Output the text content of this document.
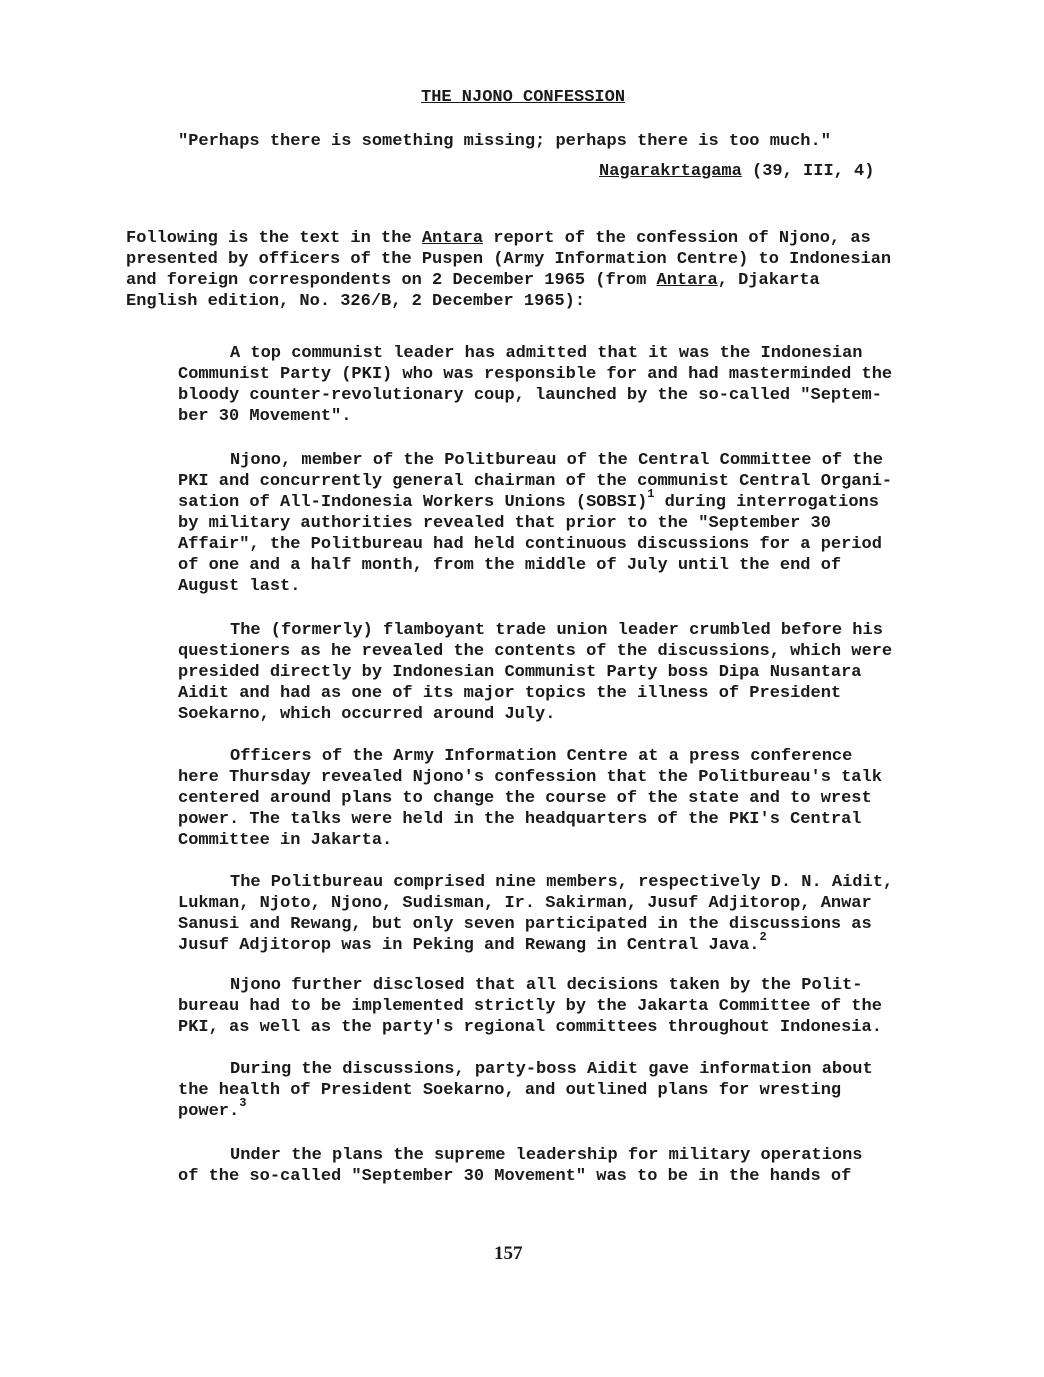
THE NJONO CONFESSION
"Perhaps there is something missing; perhaps there is too much."
Nagarakrtagama (39, III, 4)
Following is the text in the Antara report of the confession of Njono, as
presented by officers of the Puspen (Army Information Centre) to Indonesian
and foreign correspondents on 2 December 1965 (from Antara, Djakarta
English edition, No. 326/B, 2 December 1965):
A top communist leader has admitted that it was the Indonesian
Communist Party (PKI) who was responsible for and had masterminded the
bloody counter-revolutionary coup, launched by the so-called "Septem-
ber 30 Movement".
Njono, member of the Politbureau of the Central Committee of the
PKI and concurrently general chairman of the communist Central Organi-
sation of All-Indonesia Workers Unions (SOBSI)$^1$ during interrogations
by military authorities revealed that prior to the "September 30
Affair", the Politbureau had held continuous discussions for a period
of one and a half month, from the middle of July until the end of
August last.
The (formerly) flamboyant trade union leader crumbled before his
questioners as he revealed the contents of the discussions, which were
presided directly by Indonesian Communist Party boss Dipa Nusantara
Aidit and had as one of its major topics the illness of President
Soekarno, which occurred around July.
Officers of the Army Information Centre at a press conference
here Thursday revealed Njono's confession that the Politbureau's talk
centered around plans to change the course of the state and to wrest
power. The talks were held in the headquarters of the PKI's Central
Committee in Jakarta.
The Politbureau comprised nine members, respectively D. N. Aidit,
Lukman, Njoto, Njono, Sudisman, Ir. Sakirman, Jusuf Adjitorop, Anwar
Sanusi and Rewang, but only seven participated in the discussions as
Jusuf Adjitorop was in Peking and Rewang in Central Java.$^2$
Njono further disclosed that all decisions taken by the Polit-
bureau had to be implemented strictly by the Jakarta Committee of the
PKI, as well as the party's regional committees throughout Indonesia.
During the discussions, party-boss Aidit gave information about
the health of President Soekarno, and outlined plans for wresting
power.$^3$
Under the plans the supreme leadership for military operations
of the so-called "September 30 Movement" was to be in the hands of
157
